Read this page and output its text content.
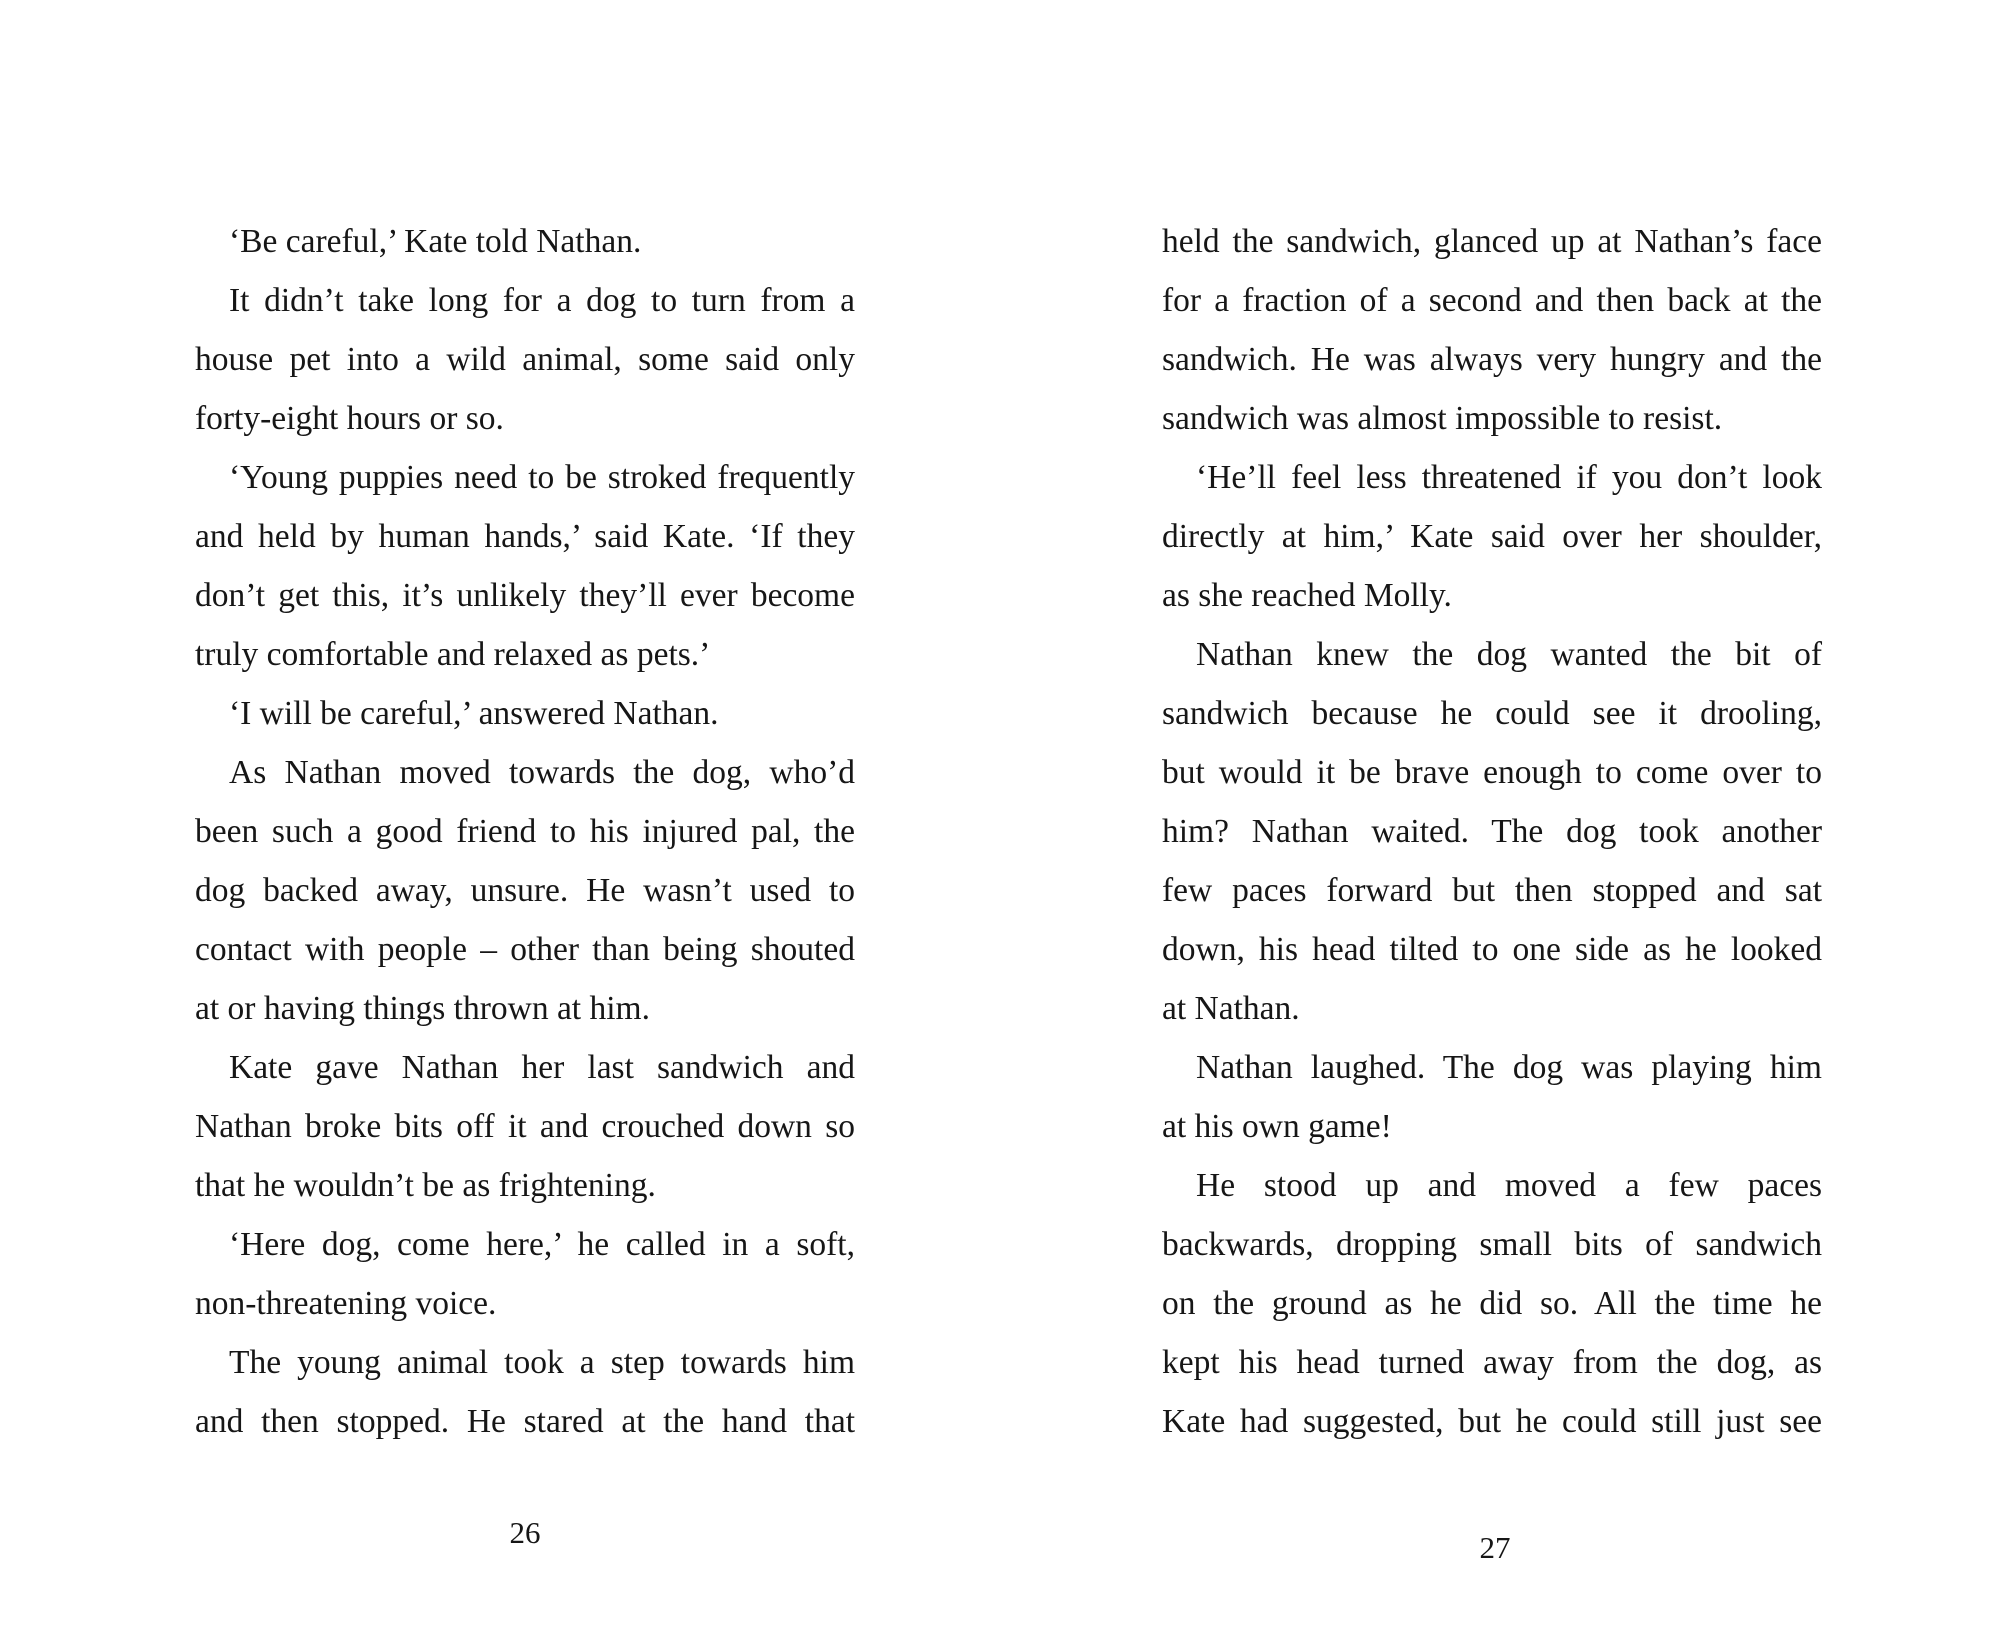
‘Be careful,’ Kate told Nathan.
It didn’t take long for a dog to turn from a
house pet into a wild animal, some said only
forty-eight hours or so.
‘Young puppies need to be stroked frequently
and held by human hands,’ said Kate. ‘If they
don’t get this, it’s unlikely they’ll ever become
truly comfortable and relaxed as pets.’
‘I will be careful,’ answered Nathan.
As Nathan moved towards the dog, who’d
been such a good friend to his injured pal, the
dog backed away, unsure. He wasn’t used to
contact with people – other than being shouted
at or having things thrown at him.
Kate gave Nathan her last sandwich and
Nathan broke bits off it and crouched down so
that he wouldn’t be as frightening.
‘Here dog, come here,’ he called in a soft,
non-threatening voice.
The young animal took a step towards him
and then stopped. He stared at the hand that
26
held the sandwich, glanced up at Nathan’s face
for a fraction of a second and then back at the
sandwich. He was always very hungry and the
sandwich was almost impossible to resist.
‘He’ll feel less threatened if you don’t look
directly at him,’ Kate said over her shoulder,
as she reached Molly.
Nathan knew the dog wanted the bit of
sandwich because he could see it drooling,
but would it be brave enough to come over to
him? Nathan waited. The dog took another
few paces forward but then stopped and sat
down, his head tilted to one side as he looked
at Nathan.
Nathan laughed. The dog was playing him
at his own game!
He stood up and moved a few paces
backwards, dropping small bits of sandwich
on the ground as he did so. All the time he
kept his head turned away from the dog, as
Kate had suggested, but he could still just see
27
